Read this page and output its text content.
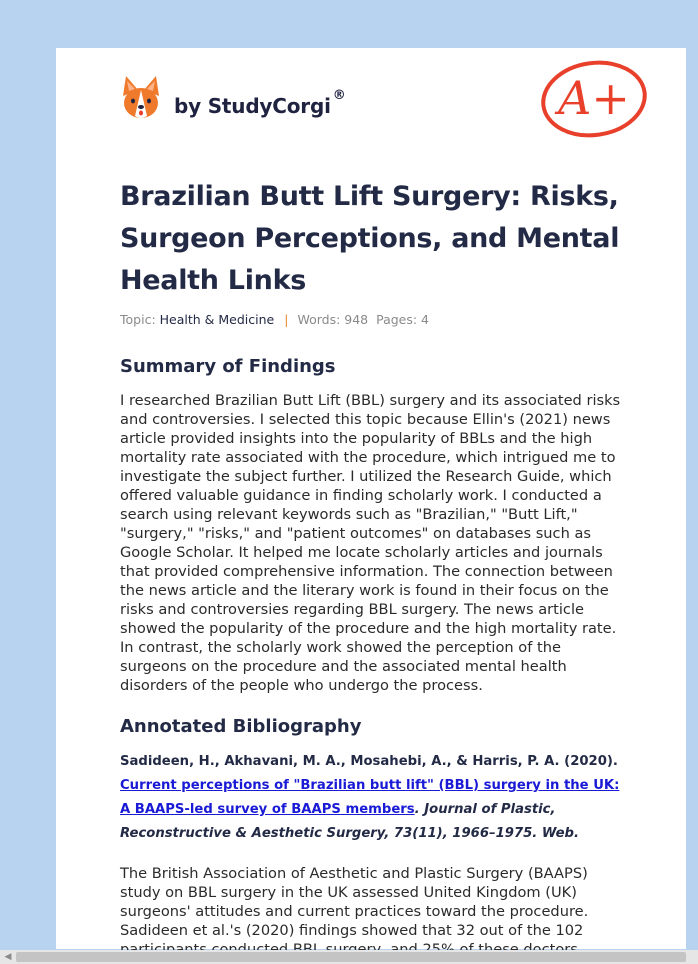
by StudyCorgi ®	A+
Brazilian Butt Lift Surgery: Risks, Surgeon Perceptions, and Mental Health Links
Topic: Health & Medicine | Words: 948 Pages: 4
Summary of Findings

I researched Brazilian Butt Lift (BBL) surgery and its associated risks and controversies. I selected this topic because Ellin's (2021) news article provided insights into the popularity of BBLs and the high mortality rate associated with the procedure, which intrigued me to investigate the subject further. I utilized the Research Guide, which offered valuable guidance in finding scholarly work. I conducted a search using relevant keywords such as "Brazilian," "Butt Lift," "surgery," "risks," and "patient outcomes" on databases such as Google Scholar. It helped me locate scholarly articles and journals that provided comprehensive information. The connection between the news article and the literary work is found in their focus on the risks and controversies regarding BBL surgery. The news article showed the popularity of the procedure and the high mortality rate. In contrast, the scholarly work showed the perception of the surgeons on the procedure and the associated mental health disorders of the people who undergo the process.

Annotated Bibliography

Sadideen, H., Akhavani, M. A., Mosahebi, A., & Harris, P. A. (2020). Current perceptions of "Brazilian butt lift" (BBL) surgery in the UK: A BAAPS-led survey of BAAPS members. Journal of Plastic, Reconstructive & Aesthetic Surgery, 73(11), 1966–1975. Web.

The British Association of Aesthetic and Plastic Surgery (BAAPS) study on BBL surgery in the UK assessed United Kingdom (UK) surgeons' attitudes and current practices toward the procedure. Sadideen et al.'s (2020) findings showed that 32 out of the 102

◀
